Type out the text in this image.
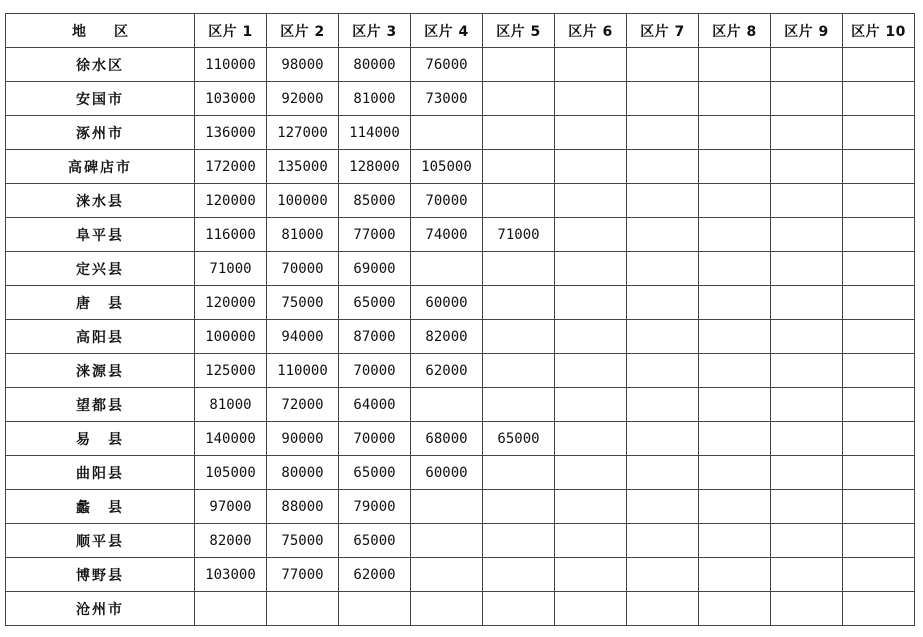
地　　区	区片 1	区片 2	区片 3	区片 4	区片 5	区片 6	区片 7	区片 8	区片 9	区片 10
徐水区	110000	98000	80000	76000						
安国市	103000	92000	81000	73000						
涿州市	136000	127000	114000							
高碑店市	172000	135000	128000	105000						
涞水县	120000	100000	85000	70000						
阜平县	116000	81000	77000	74000	71000					
定兴县	71000	70000	69000							
唐　县	120000	75000	65000	60000						
高阳县	100000	94000	87000	82000						
涞源县	125000	110000	70000	62000						
望都县	81000	72000	64000							
易　县	140000	90000	70000	68000	65000					
曲阳县	105000	80000	65000	60000						
蠡　县	97000	88000	79000							
顺平县	82000	75000	65000							
博野县	103000	77000	62000							
沧州市										
